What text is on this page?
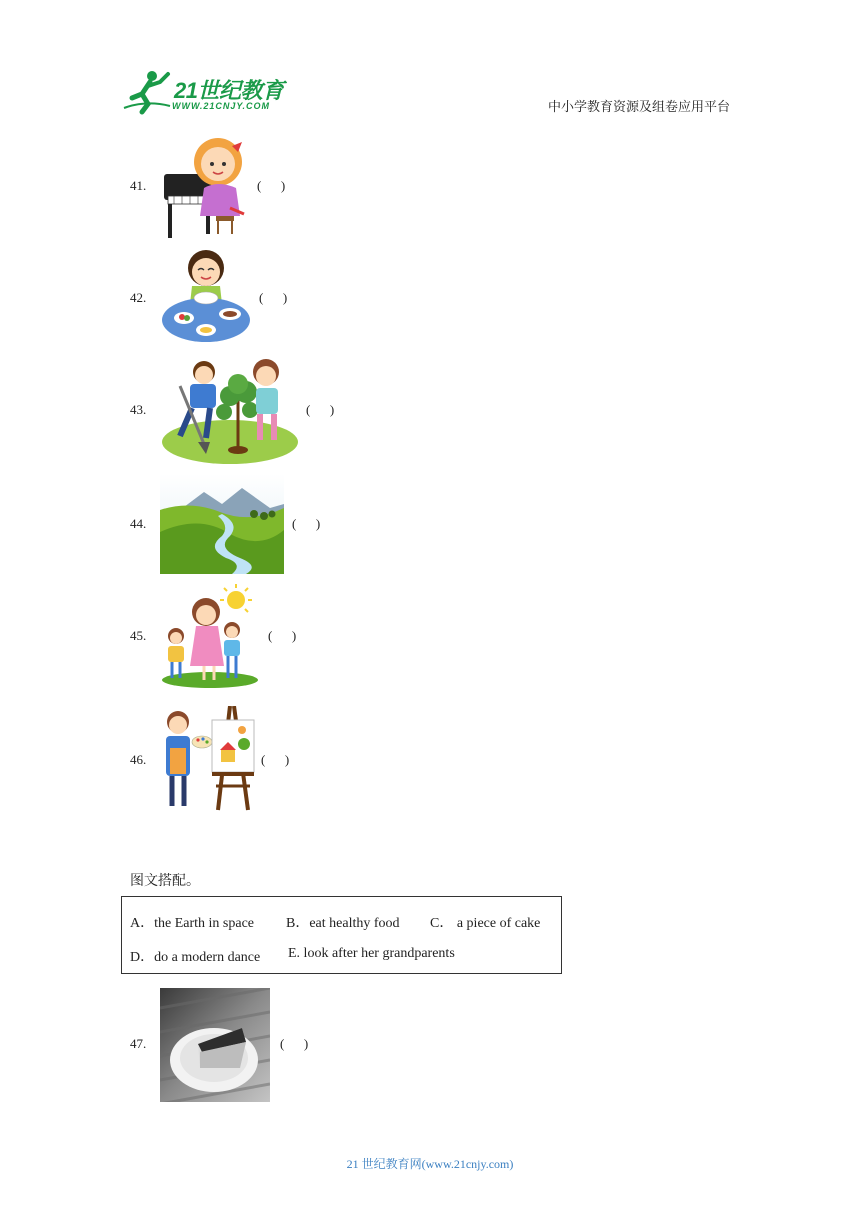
21世纪教育
WWW.21CNJY.COM	中小学教育资源及组卷应用平台
41.	(      )
42.	(      )
43.	(      )
44.	(      )
45.	(      )
46.	(      )
图文搭配。
A．the Earth in space B．eat healthy food C． a piece of cake
D．do a modern dance E. look after her grandparents
47.	(      )
21 世纪教育网(www.21cnjy.com)
